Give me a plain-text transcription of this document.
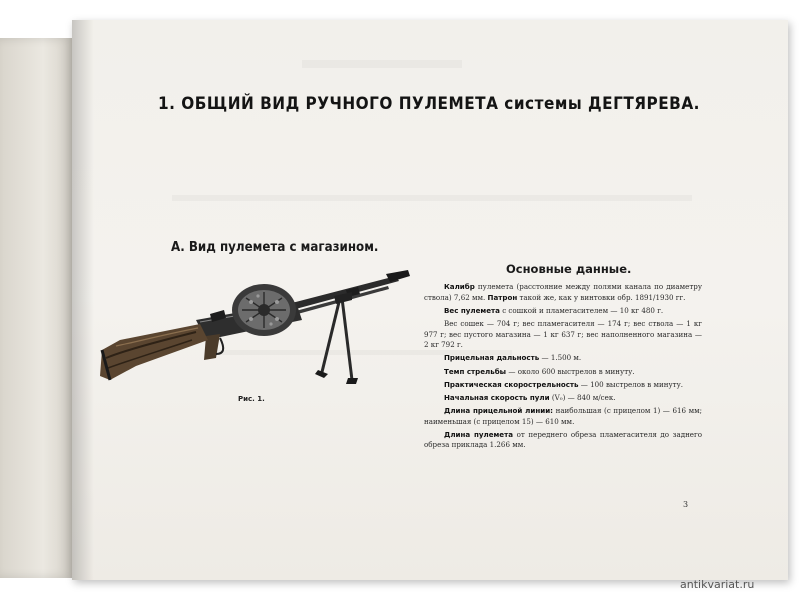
1. ОБЩИЙ ВИД РУЧНОГО ПУЛЕМЕТА системы ДЕГТЯРЕВА.
А. Вид пулемета с магазином.
Рис. 1.
Основные данные.

Калибр пулемета (расстояние между полями канала по диаметру ствола) 7,62 мм. Патрон такой же, как у винтовки обр. 1891/1930 гг.

Вес пулемета с сошкой и пламегасителем — 10 кг 480 г.

Вес сошек — 704 г; вес пламегасителя — 174 г; вес ствола — 1 кг 977 г; вес пустого магазина — 1 кг 637 г; вес наполненного магазина — 2 кг 792 г.

Прицельная дальность — 1.500 м.

Темп стрельбы — около 600 выстрелов в минуту.

Практическая скорострельность — 100 выстрелов в минуту.

Начальная скорость пули (V₀) — 840 м/сек.

Длина прицельной линии: наибольшая (с прицелом 1) — 616 мм; наименьшая (с прицелом 15) — 610 мм.

Длина пулемета от переднего обреза пламегасителя до заднего обреза приклада 1.266 мм.

3
antikvariat.ru
